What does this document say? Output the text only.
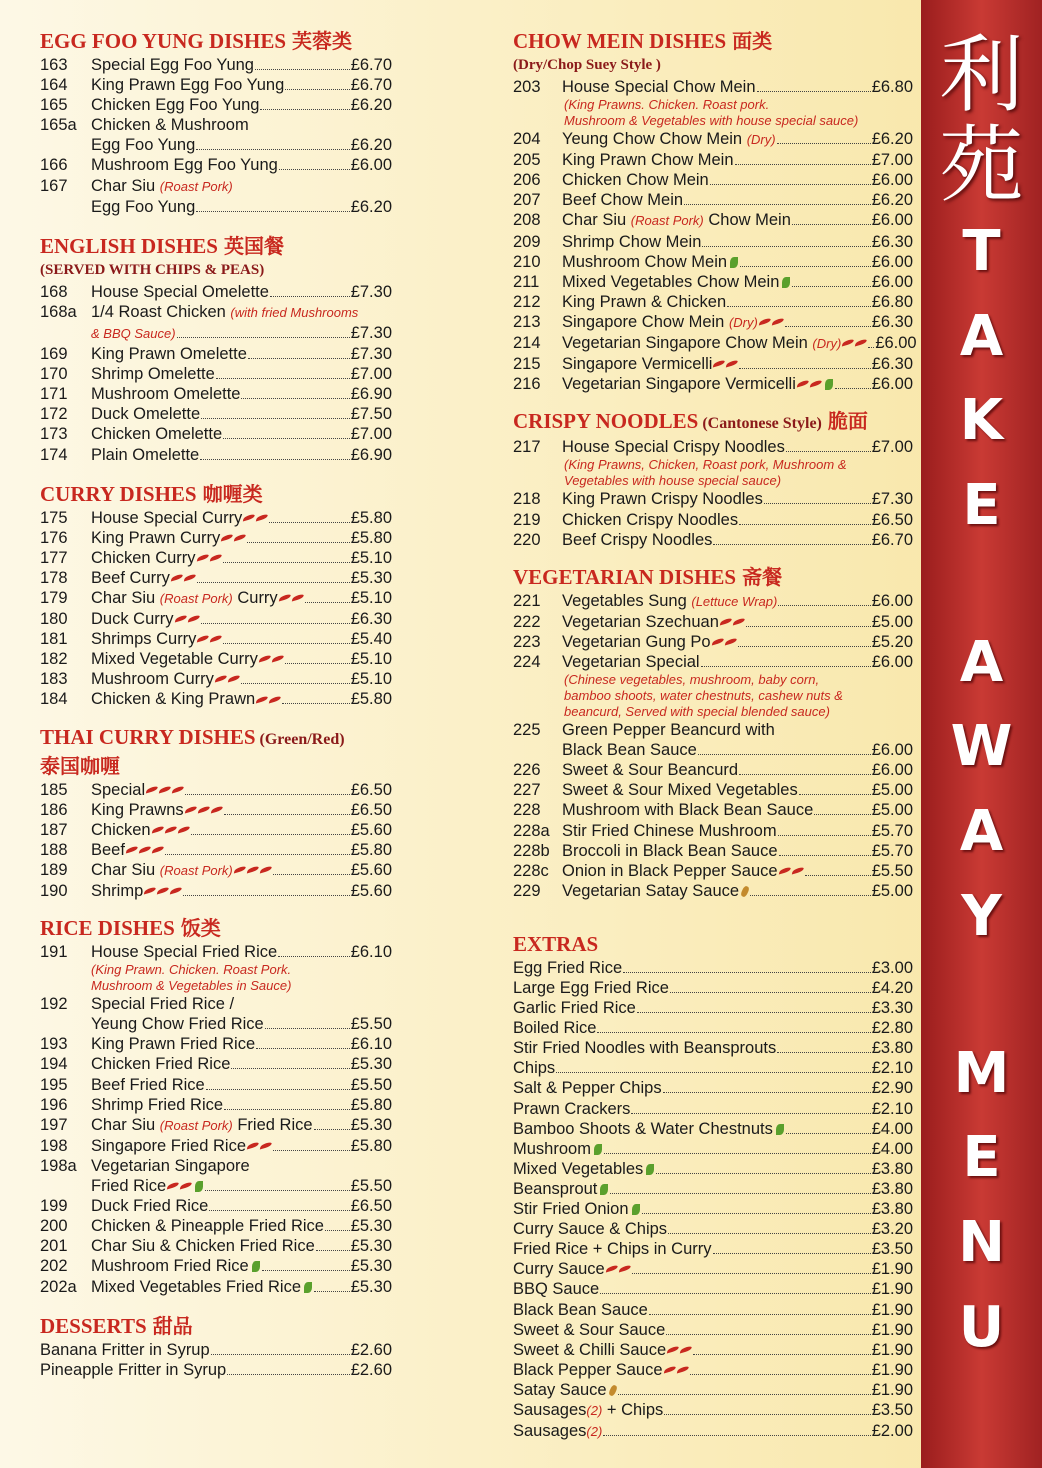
EGG FOO YUNG DISHES 芙蓉类
163	Special Egg Foo Yung	£6.70
164	King Prawn Egg Foo Yung	£6.70
165	Chicken Egg Foo Yung	£6.20
165a Chicken & Mushroom
Egg Foo Yung	£6.20
166	Mushroom Egg Foo Yung	£6.00
167	Char Siu (Roast Pork)
Egg Foo Yung	£6.20
ENGLISH DISHES 英国餐
(SERVED WITH CHIPS & PEAS)
168	House Special Omelette	£7.30
168a 1/4 Roast Chicken (with fried Mushrooms
& BBQ Sauce)	£7.30
169	King Prawn Omelette	£7.30
170	Shrimp Omelette	£7.00
171	Mushroom Omelette	£6.90
172	Duck Omelette	£7.50
173	Chicken Omelette	£7.00
174	Plain Omelette	£6.90
CURRY DISHES 咖喱类
175	House Special Curry	£5.80
176	King Prawn Curry	£5.80
177	Chicken Curry	£5.10
178	Beef Curry	£5.30
179	Char Siu (Roast Pork) Curry	£5.10
180	Duck Curry	£6.30
181	Shrimps Curry	£5.40
182	Mixed Vegetable Curry	£5.10
183	Mushroom Curry	£5.10
184	Chicken & King Prawn	£5.80
THAI CURRY DISHES (Green/Red)
泰国咖喱
185	Special	£6.50
186	King Prawns	£6.50
187	Chicken	£5.60
188	Beef	£5.80
189	Char Siu (Roast Pork)	£5.60
190	Shrimp	£5.60
RICE DISHES 饭类
191	House Special Fried Rice	£6.10
(King Prawn. Chicken. Roast Pork.
Mushroom & Vegetables in Sauce)
192	Special Fried Rice /
Yeung Chow Fried Rice	£5.50
193	King Prawn Fried Rice	£6.10
194	Chicken Fried Rice	£5.30
195	Beef Fried Rice	£5.50
196	Shrimp Fried Rice	£5.80
197	Char Siu (Roast Pork) Fried Rice £5.30
198	Singapore Fried Rice	£5.80
198a Vegetarian Singapore
Fried Rice	£5.50
199	Duck Fried Rice	£6.50
200	Chicken & Pineapple Fried Rice £5.30
201	Char Siu & Chicken Fried Rice £5.30
202	Mushroom Fried Rice	£5.30
202a Mixed Vegetables Fried Rice	£5.30
DESSERTS 甜品
Banana Fritter in Syrup	£2.60
Pineapple Fritter in Syrup	£2.60
CHOW MEIN DISHES 面类
(Dry/Chop Suey Style )
203	House Special Chow Mein	£6.80
(King Prawns. Chicken. Roast pork.
Mushroom & Vegetables with house special sauce)
204	Yeung Chow Chow Mein (Dry)	£6.20
205	King Prawn Chow Mein	£7.00
206	Chicken Chow Mein	£6.00
207	Beef Chow Mein	£6.20
208	Char Siu (Roast Pork) Chow Mein	£6.00
209	Shrimp Chow Mein	£6.30
210	Mushroom Chow Mein	£6.00
211	Mixed Vegetables Chow Mein	£6.00
212	King Prawn & Chicken	£6.80
213	Singapore Chow Mein (Dry)	£6.30
214	Vegetarian Singapore Chow Mein (Dry)	£6.00
215	Singapore Vermicelli	£6.30
216	Vegetarian Singapore Vermicelli	£6.00
CRISPY NOODLES (Cantonese Style) 脆面
217	House Special Crispy Noodles	£7.00
(King Prawns, Chicken, Roast pork, Mushroom &
Vegetables with house special sauce)
218	King Prawn Crispy Noodles	£7.30
219	Chicken Crispy Noodles	£6.50
220	Beef Crispy Noodles	£6.70
VEGETARIAN DISHES 斋餐
221	Vegetables Sung (Lettuce Wrap)	£6.00
222	Vegetarian Szechuan	£5.00
223	Vegetarian Gung Po	£5.20
224	Vegetarian Special	£6.00
(Chinese vegetables, mushroom, baby corn,
bamboo shoots, water chestnuts, cashew nuts &
beancurd, Served with special blended sauce)
225	Green Pepper Beancurd with
Black Bean Sauce	£6.00
226	Sweet & Sour Beancurd	£6.00
227	Sweet & Sour Mixed Vegetables	£5.00
228	Mushroom with Black Bean Sauce	£5.00
228a Stir Fried Chinese Mushroom	£5.70
228b Broccoli in Black Bean Sauce	£5.70
228c Onion in Black Pepper Sauce	£5.50
229	Vegetarian Satay Sauce	£5.00
EXTRAS
Egg Fried Rice	£3.00
Large Egg Fried Rice	£4.20
Garlic Fried Rice	£3.30
Boiled Rice	£2.80
Stir Fried Noodles with Beansprouts	£3.80
Chips	£2.10
Salt & Pepper Chips	£2.90
Prawn Crackers	£2.10
Bamboo Shoots & Water Chestnuts	£4.00
Mushroom	£4.00
Mixed Vegetables	£3.80
Beansprout	£3.80
Stir Fried Onion	£3.80
Curry Sauce & Chips	£3.20
Fried Rice + Chips in Curry	£3.50
Curry Sauce	£1.90
BBQ Sauce	£1.90
Black Bean Sauce	£1.90
Sweet & Sour Sauce	£1.90
Sweet & Chilli Sauce	£1.90
Black Pepper Sauce	£1.90
Satay Sauce	£1.90
Sausages(2) + Chips	£3.50
Sausages(2)	£2.00
利
苑
T
A
K
E
A
W
A
Y
M
E
N
U
